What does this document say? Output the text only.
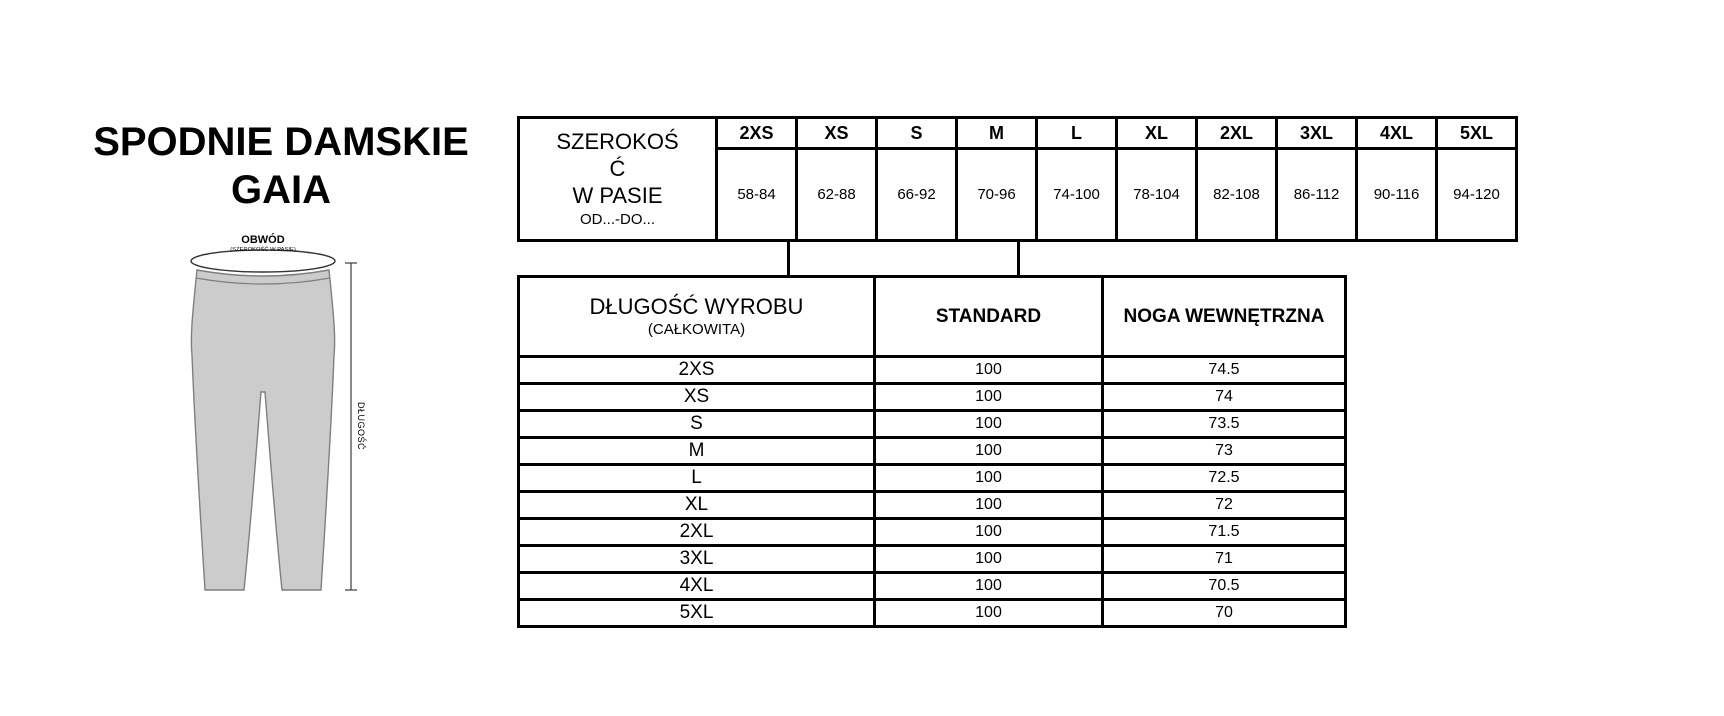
SPODNIE DAMSKIE
GAIA
OBWÓD
(SZEROKOŚĆ W PASIE)
DŁUGOŚĆ
SZEROKOŚ
Ć
W PASIE
OD...-DO...	2XS	XS	S	M	L	XL	2XL	3XL	4XL	5XL
	58-84	62-88	66-92	70-96	74-100	78-104	82-108	86-112	90-116	94-120
DŁUGOŚĆ WYROBU
(CAŁKOWITA)	STANDARD	NOGA WEWNĘTRZNA
2XS	100	74.5
XS	100	74
S	100	73.5
M	100	73
L	100	72.5
XL	100	72
2XL	100	71.5
3XL	100	71
4XL	100	70.5
5XL	100	70
